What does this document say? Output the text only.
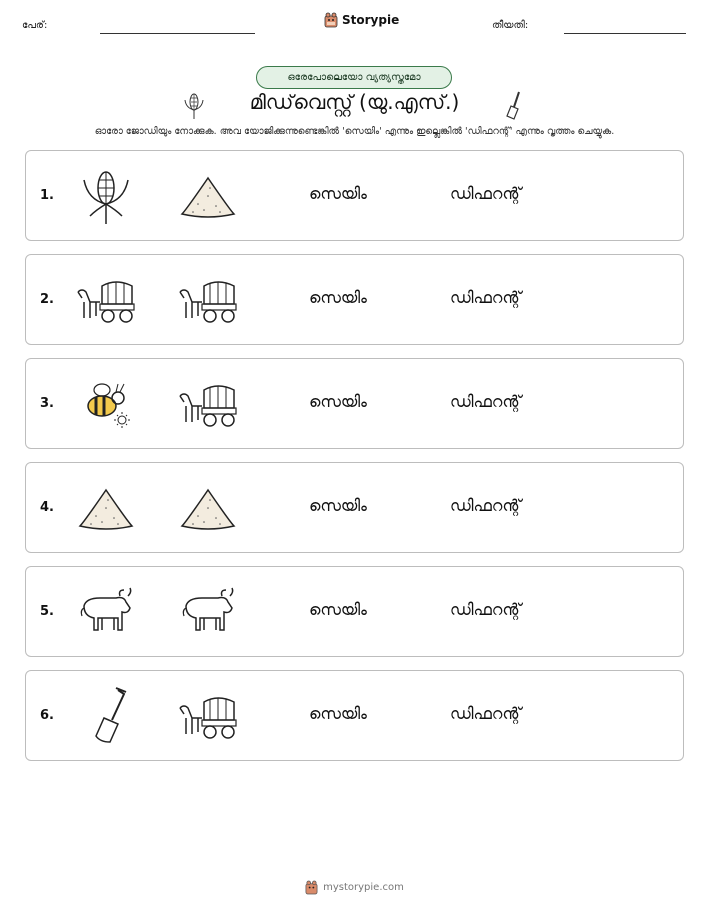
പേര്:	Storypie	തീയതി:
ഒരേപോലെയോ വ്യത്യസ്തമോ
മിഡ്‌വെസ്റ്റ് (യു.എസ്.)
ഓരോ ജോഡിയും നോക്കുക. അവ യോജിക്കുന്നുണ്ടെങ്കിൽ 'സെയിം' എന്നും ഇല്ലെങ്കിൽ 'ഡിഫറന്റ്' എന്നും വൃത്തം ചെയ്യുക.
1.	സെയിം	ഡിഫറന്റ്
2.	സെയിം	ഡിഫറന്റ്
3.	സെയിം	ഡിഫറന്റ്
4.	സെയിം	ഡിഫറന്റ്
5.	സെയിം	ഡിഫറന്റ്
6.	സെയിം	ഡിഫറന്റ്
mystorypie.com
